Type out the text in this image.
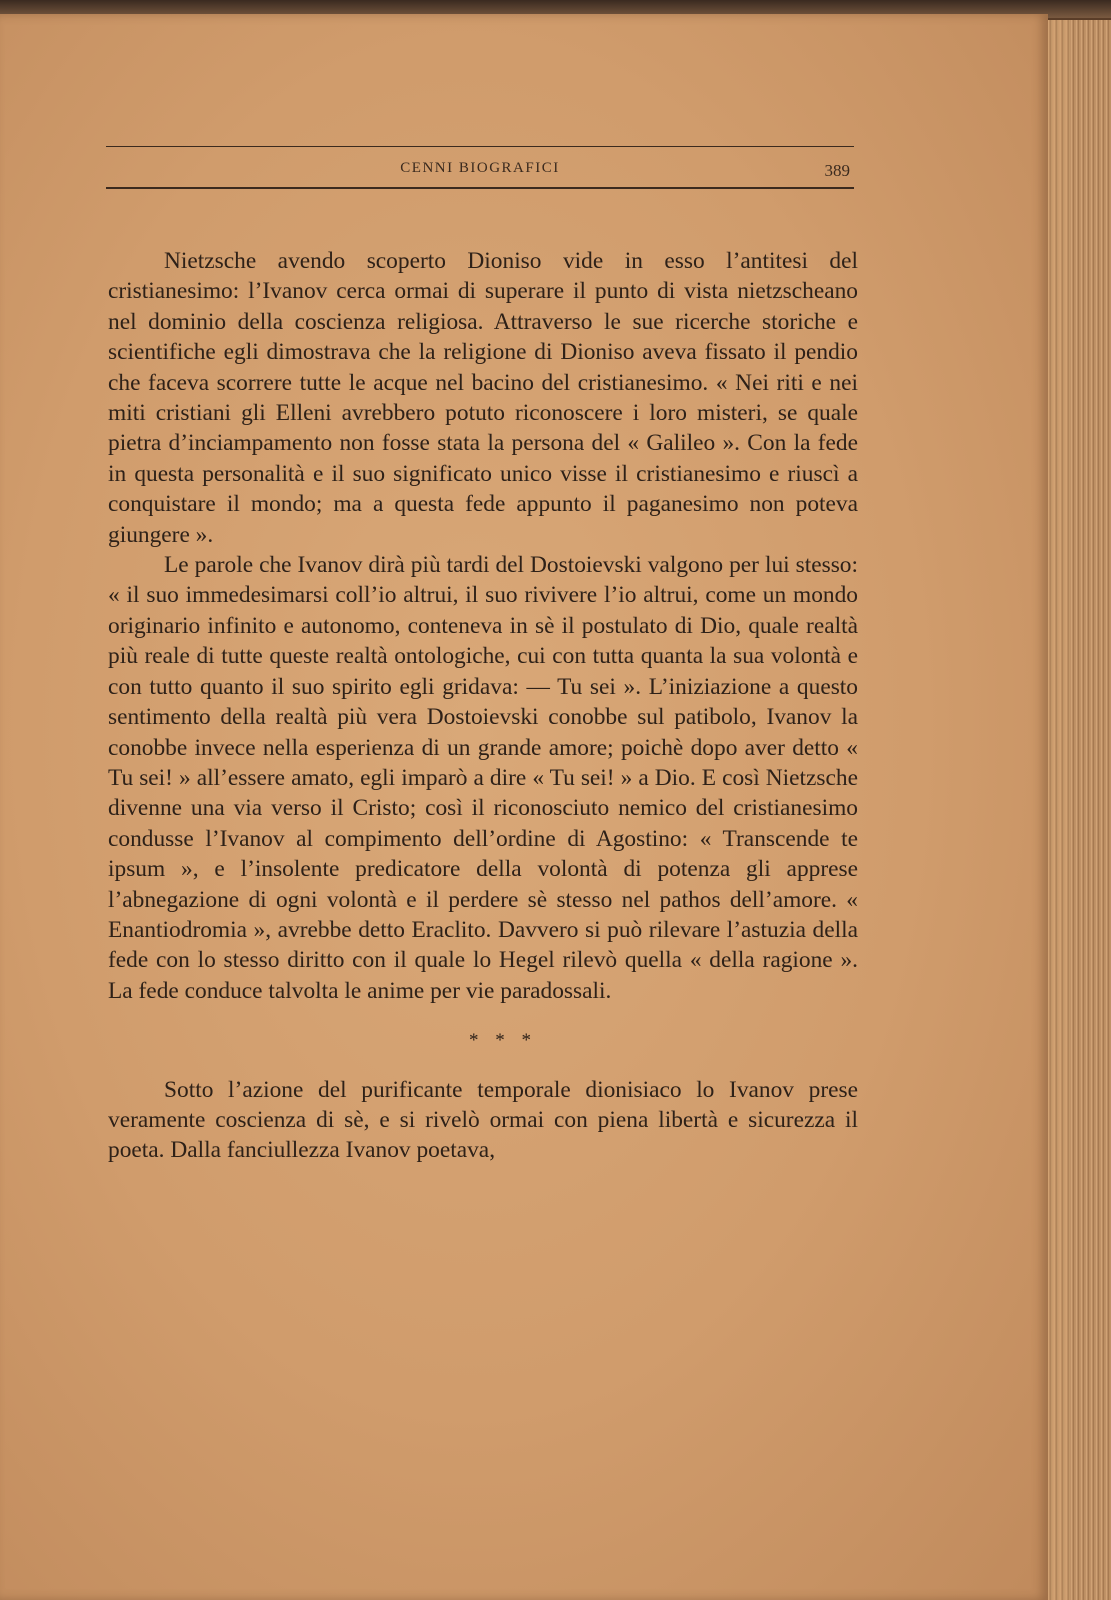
CENNI BIOGRAFICI	389

Nietzsche avendo scoperto Dioniso vide in esso l’antitesi del cristianesimo: l’Ivanov cerca ormai di superare il punto di vista nietzscheano nel dominio della coscienza religiosa. Attraverso le sue ricerche storiche e scientifiche egli dimostrava che la religione di Dioniso aveva fissato il pendio che faceva scorrere tutte le acque nel bacino del cristianesimo. « Nei riti e nei miti cristiani gli Elleni avrebbero potuto riconoscere i loro misteri, se quale pietra d’inciampamento non fosse stata la persona del « Galileo ». Con la fede in questa personalità e il suo significato unico visse il cristianesimo e riuscì a conquistare il mondo; ma a questa fede appunto il paganesimo non poteva giungere ».

Le parole che Ivanov dirà più tardi del Dostoievski valgono per lui stesso: « il suo immedesimarsi coll’io altrui, il suo rivivere l’io altrui, come un mondo originario infinito e autonomo, conteneva in sè il postulato di Dio, quale realtà più reale di tutte queste realtà ontologiche, cui con tutta quanta la sua volontà e con tutto quanto il suo spirito egli gridava: — Tu sei ». L’iniziazione a questo sentimento della realtà più vera Dostoievski conobbe sul patibolo, Ivanov la conobbe invece nella esperienza di un grande amore; poichè dopo aver detto « Tu sei! » all’essere amato, egli imparò a dire « Tu sei! » a Dio. E così Nietzsche divenne una via verso il Cristo; così il riconosciuto nemico del cristianesimo condusse l’Ivanov al compimento dell’ordine di Agostino: « Transcende te ipsum », e l’insolente predicatore della volontà di potenza gli apprese l’abnegazione di ogni volontà e il perdere sè stesso nel pathos dell’amore. « Enantiodromia », avrebbe detto Eraclito. Davvero si può rilevare l’astuzia della fede con lo stesso diritto con il quale lo Hegel rilevò quella « della ragione ». La fede conduce talvolta le anime per vie paradossali.

* * *

Sotto l’azione del purificante temporale dionisiaco lo Ivanov prese veramente coscienza di sè, e si rivelò ormai con piena libertà e sicurezza il poeta. Dalla fanciullezza Ivanov poetava,
